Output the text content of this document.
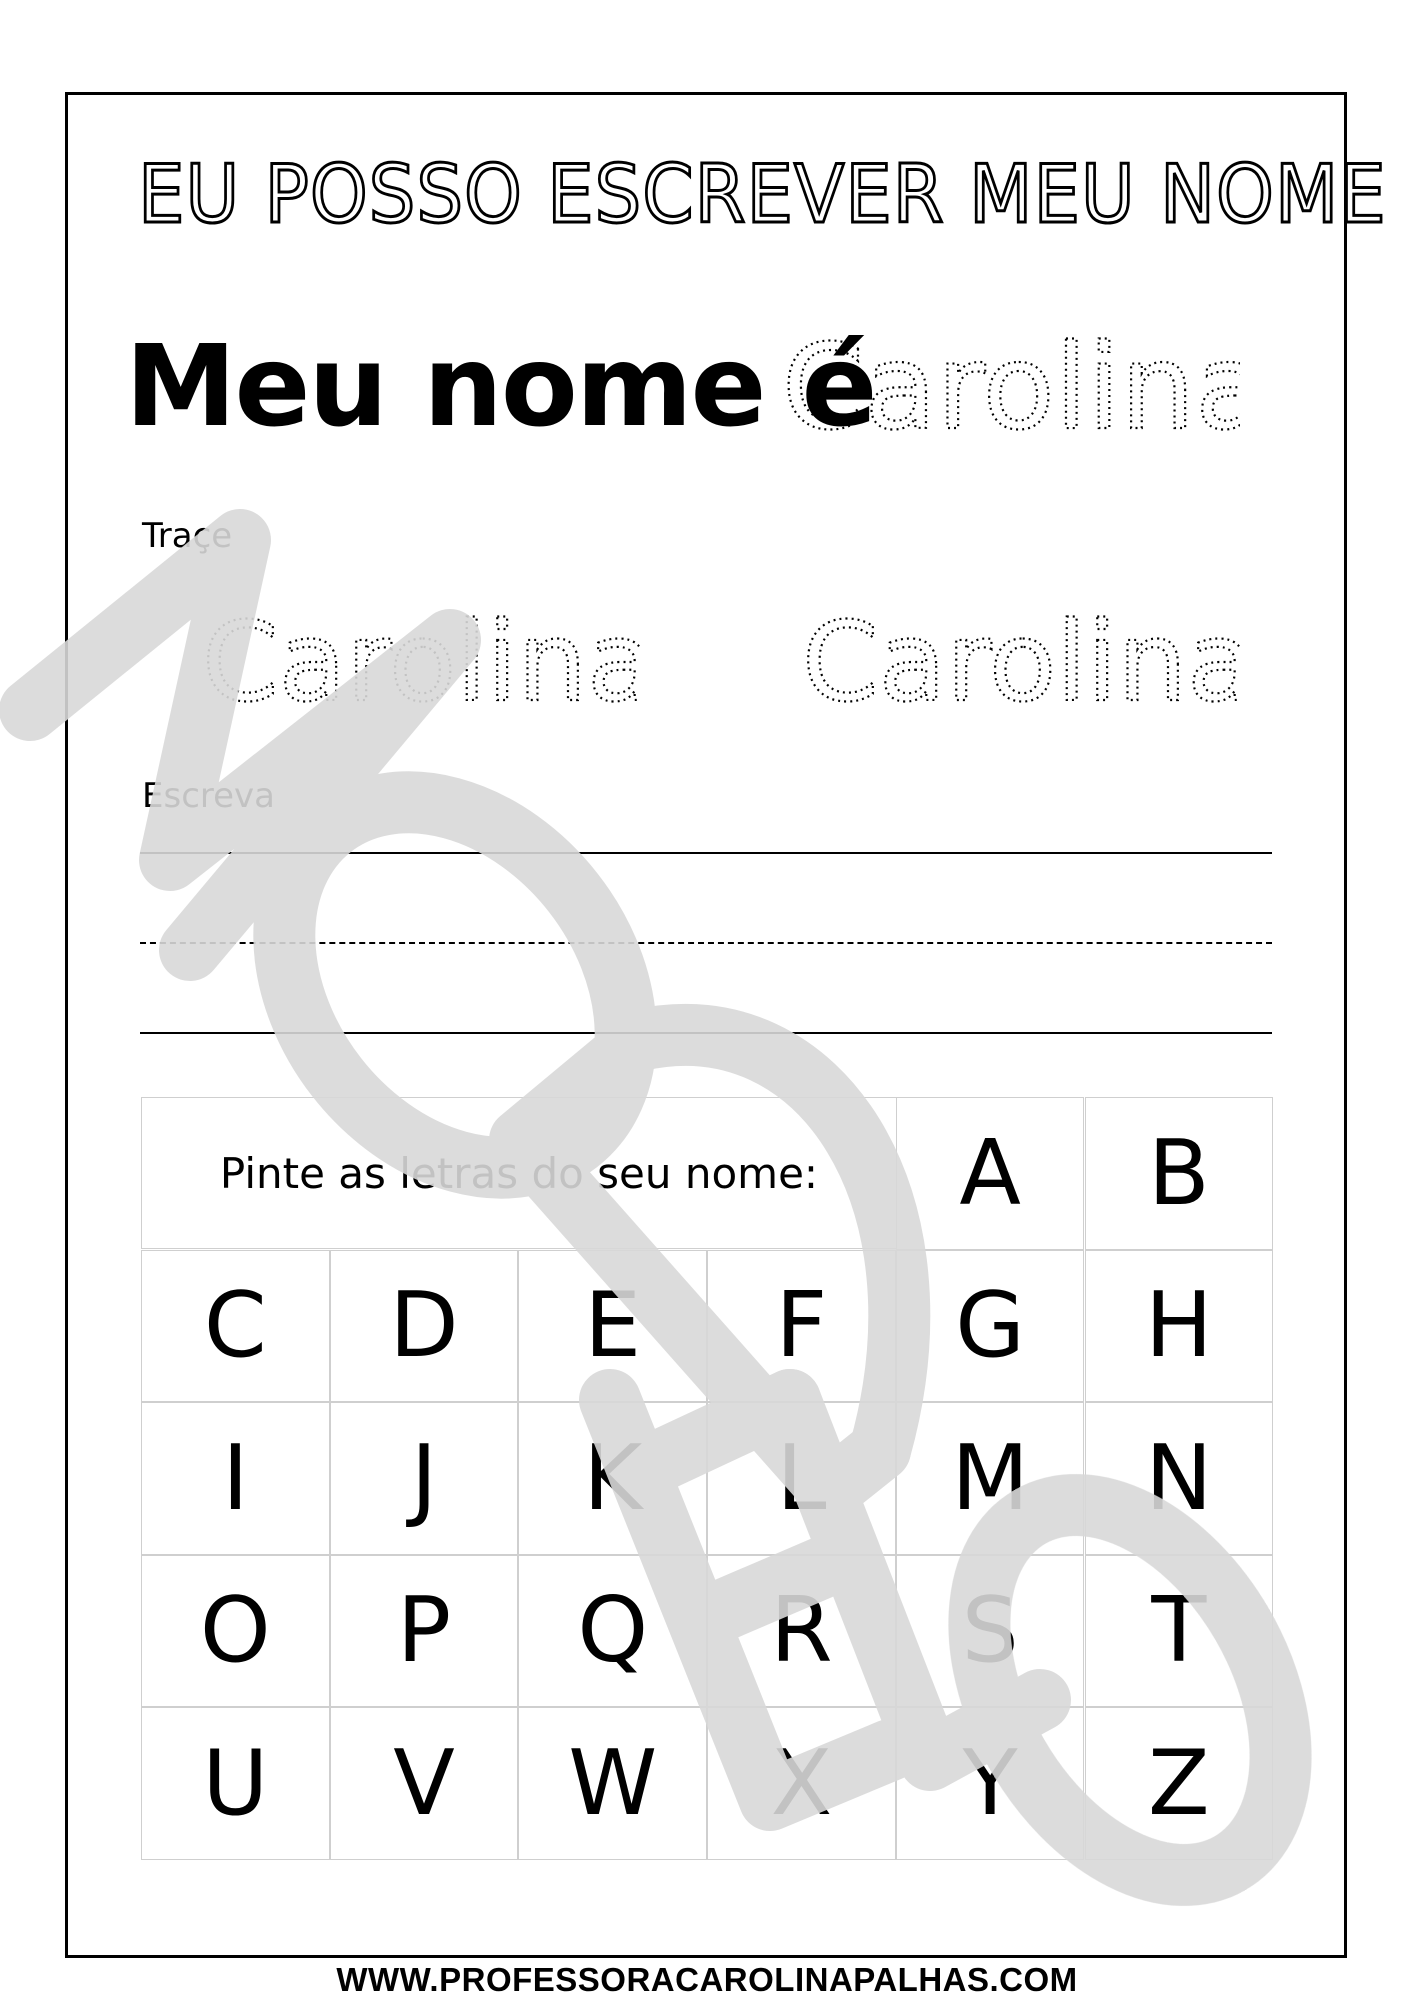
EU POSSO ESCREVER MEU NOME
Meu nome é
Carolina
Traçe
Carolina Carolina
Escreva
Pinte as letras do seu nome:	A	B
C	D	E	F	G	H
I	J	K	L	M	N
O	P	Q	R	S	T
U	V	W	X	Y	Z
WWW.PROFESSORACAROLINAPALHAS.COM
